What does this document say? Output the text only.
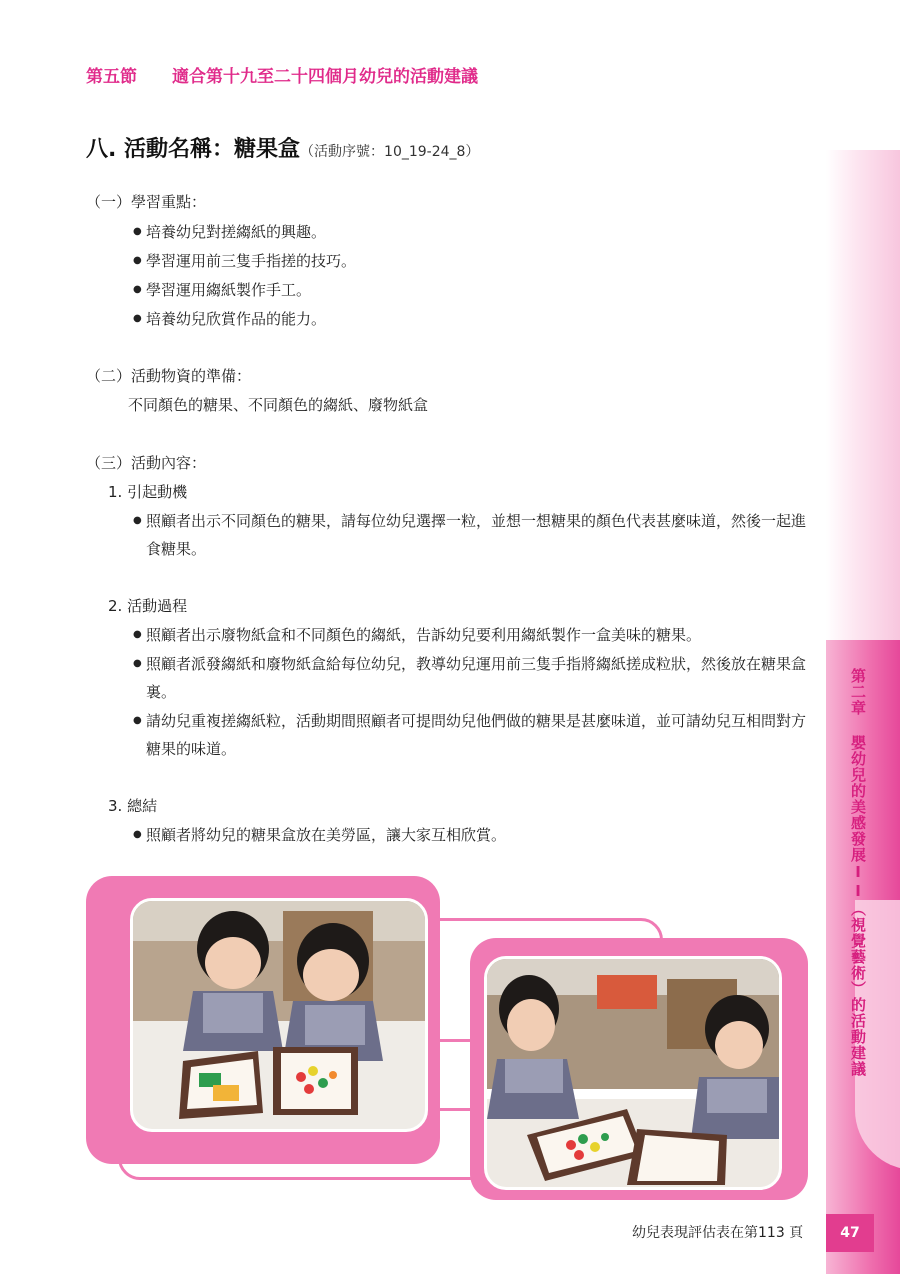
第二章 嬰幼兒的美感發展II（視覺藝術）的活動建議
第五節 適合第十九至二十四個月幼兒的活動建議
八. 活動名稱：糖果盒（活動序號：10_19-24_8）
（一）學習重點：
● 培養幼兒對搓縐紙的興趣。
● 學習運用前三隻手指搓的技巧。
● 學習運用縐紙製作手工。
● 培養幼兒欣賞作品的能力。
（二）活動物資的準備：
不同顏色的糖果、不同顏色的縐紙、廢物紙盒
（三）活動內容：
1. 引起動機
● 照顧者出示不同顏色的糖果，請每位幼兒選擇一粒，並想一想糖果的顏色代表甚麼味道，然後一起進食糖果。
2. 活動過程
● 照顧者出示廢物紙盒和不同顏色的縐紙，告訴幼兒要利用縐紙製作一盒美味的糖果。
● 照顧者派發縐紙和廢物紙盒給每位幼兒，教導幼兒運用前三隻手指將縐紙搓成粒狀，然後放在糖果盒裏。
● 請幼兒重複搓縐紙粒，活動期間照顧者可提問幼兒他們做的糖果是甚麼味道，並可請幼兒互相問對方糖果的味道。
3. 總結
● 照顧者將幼兒的糖果盒放在美勞區，讓大家互相欣賞。
幼兒表現評估表在第113 頁	47
